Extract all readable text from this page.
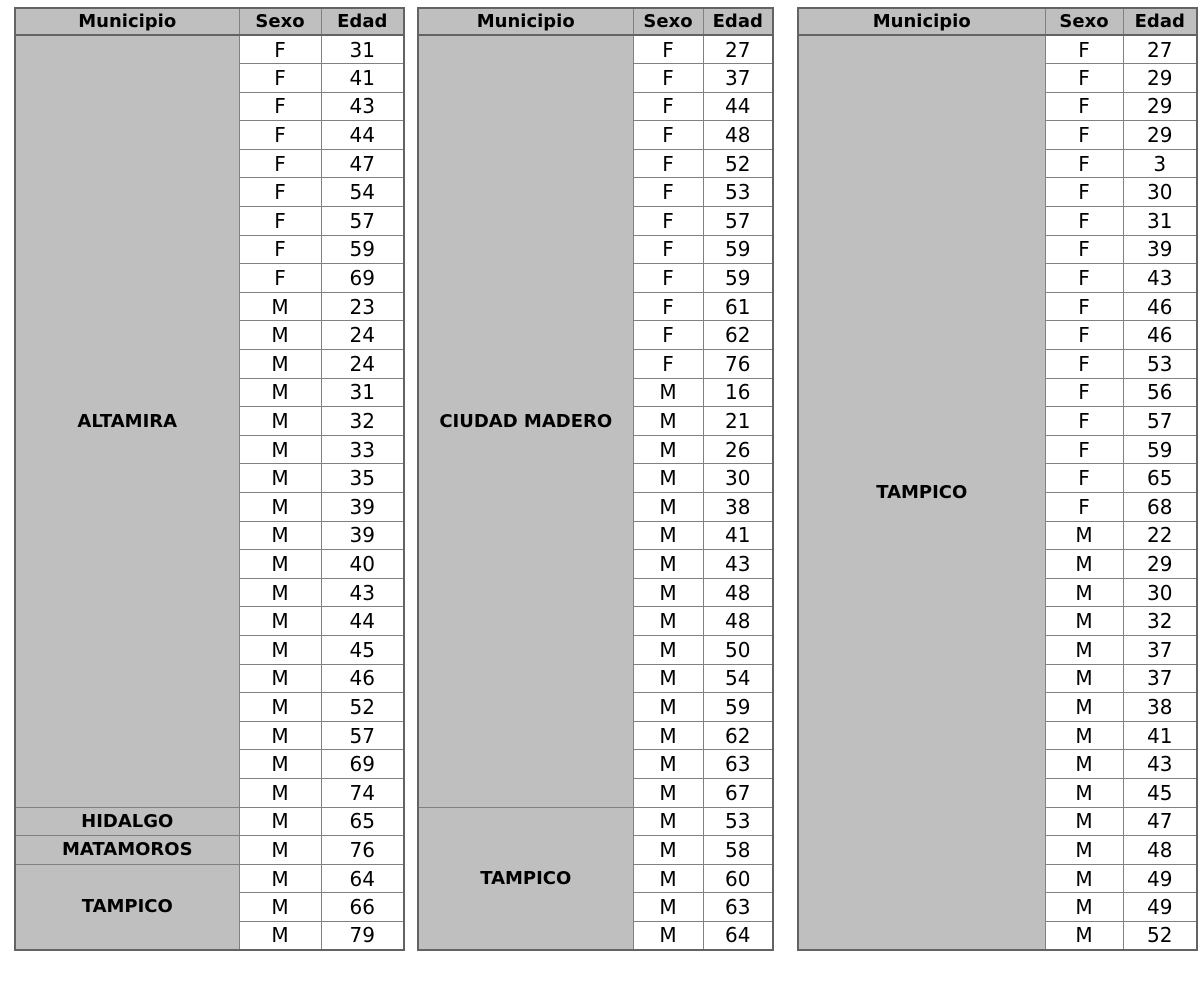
Municipio	Sexo	Edad
ALTAMIRA	F	31
	F	41
	F	43
	F	44
	F	47
	F	54
	F	57
	F	59
	F	69
	M	23
	M	24
	M	24
	M	31
	M	32
	M	33
	M	35
	M	39
	M	39
	M	40
	M	43
	M	44
	M	45
	M	46
	M	52
	M	57
	M	69
	M	74
HIDALGO	M	65
MATAMOROS	M	76
TAMPICO	M	64
	M	66
	M	79
Municipio	Sexo	Edad
CIUDAD MADERO	F	27
	F	37
	F	44
	F	48
	F	52
	F	53
	F	57
	F	59
	F	59
	F	61
	F	62
	F	76
	M	16
	M	21
	M	26
	M	30
	M	38
	M	41
	M	43
	M	48
	M	48
	M	50
	M	54
	M	59
	M	62
	M	63
	M	67
TAMPICO	M	53
	M	58
	M	60
	M	63
	M	64
Municipio	Sexo	Edad
TAMPICO	F	27
	F	29
	F	29
	F	29
	F	3
	F	30
	F	31
	F	39
	F	43
	F	46
	F	46
	F	53
	F	56
	F	57
	F	59
	F	65
	F	68
	M	22
	M	29
	M	30
	M	32
	M	37
	M	37
	M	38
	M	41
	M	43
	M	45
	M	47
	M	48
	M	49
	M	49
	M	52
